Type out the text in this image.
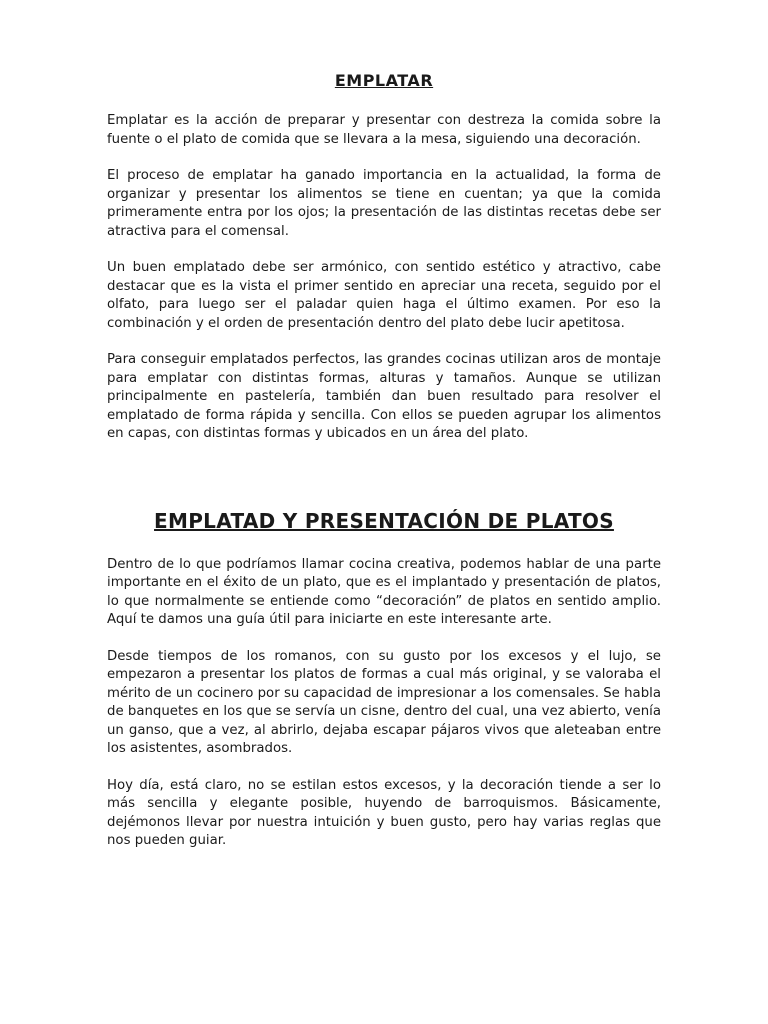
EMPLATAR

Emplatar es la acción de preparar y presentar con destreza la comida sobre la fuente o el plato de comida que se llevara a la mesa, siguiendo una decoración.

El proceso de emplatar ha ganado importancia en la actualidad, la forma de organizar y presentar los alimentos se tiene en cuentan; ya que la comida primeramente entra por los ojos; la presentación de las distintas recetas debe ser atractiva para el comensal.

Un buen emplatado debe ser armónico, con sentido estético y atractivo, cabe destacar que es la vista el primer sentido en apreciar una receta, seguido por el olfato, para luego ser el paladar quien haga el último examen. Por eso la combinación y el orden de presentación dentro del plato debe lucir apetitosa.

Para conseguir emplatados perfectos, las grandes cocinas utilizan aros de montaje para emplatar con distintas formas, alturas y tamaños. Aunque se utilizan principalmente en pastelería, también dan buen resultado para resolver el emplatado de forma rápida y sencilla. Con ellos se pueden agrupar los alimentos en capas, con distintas formas y ubicados en un área del plato.

EMPLATAD Y PRESENTACIÓN DE PLATOS

Dentro de lo que podríamos llamar cocina creativa, podemos hablar de una parte importante en el éxito de un plato, que es el implantado y presentación de platos, lo que normalmente se entiende como “decoración” de platos en sentido amplio. Aquí te damos una guía útil para iniciarte en este interesante arte.

Desde tiempos de los romanos, con su gusto por los excesos y el lujo, se empezaron a presentar los platos de formas a cual más original, y se valoraba el mérito de un cocinero por su capacidad de impresionar a los comensales. Se habla de banquetes en los que se servía un cisne, dentro del cual, una vez abierto, venía un ganso, que a vez, al abrirlo, dejaba escapar pájaros vivos que aleteaban entre los asistentes, asombrados.

Hoy día, está claro, no se estilan estos excesos, y la decoración tiende a ser lo más sencilla y elegante posible, huyendo de barroquismos. Básicamente, dejémonos llevar por nuestra intuición y buen gusto, pero hay varias reglas que nos pueden guiar.
